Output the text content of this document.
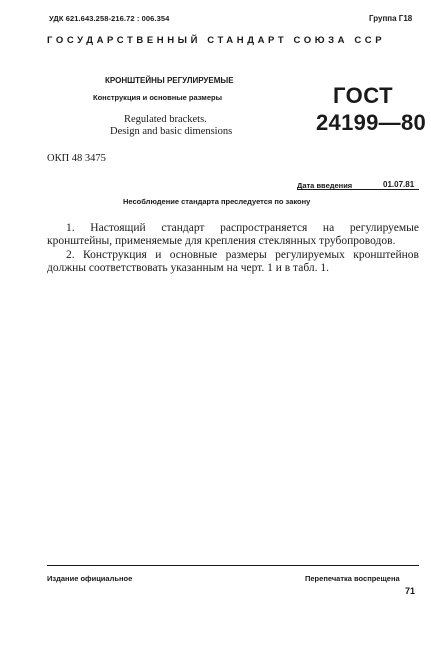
УДК 621.643.258-216.72 : 006.354	Группа Г18
ГОСУДАРСТВЕННЫЙ СТАНДАРТ СОЮЗА ССР
КРОНШТЕЙНЫ РЕГУЛИРУЕМЫЕ
Конструкция и основные размеры
Regulated brackets.
Design and basic dimensions
ГОСТ
24199—80
ОКП 48 3475
Дата введения	01.07.81
Несоблюдение стандарта преследуется по закону

1. Настоящий стандарт распространяется на регулируемые кронштейны, применяемые для крепления стеклянных трубопроводов.

2. Конструкция и основные размеры регулируемых кронштейнов должны соответствовать указанным на черт. 1 и в табл. 1.

Издание официальное	Перепечатка воспрещена
71
